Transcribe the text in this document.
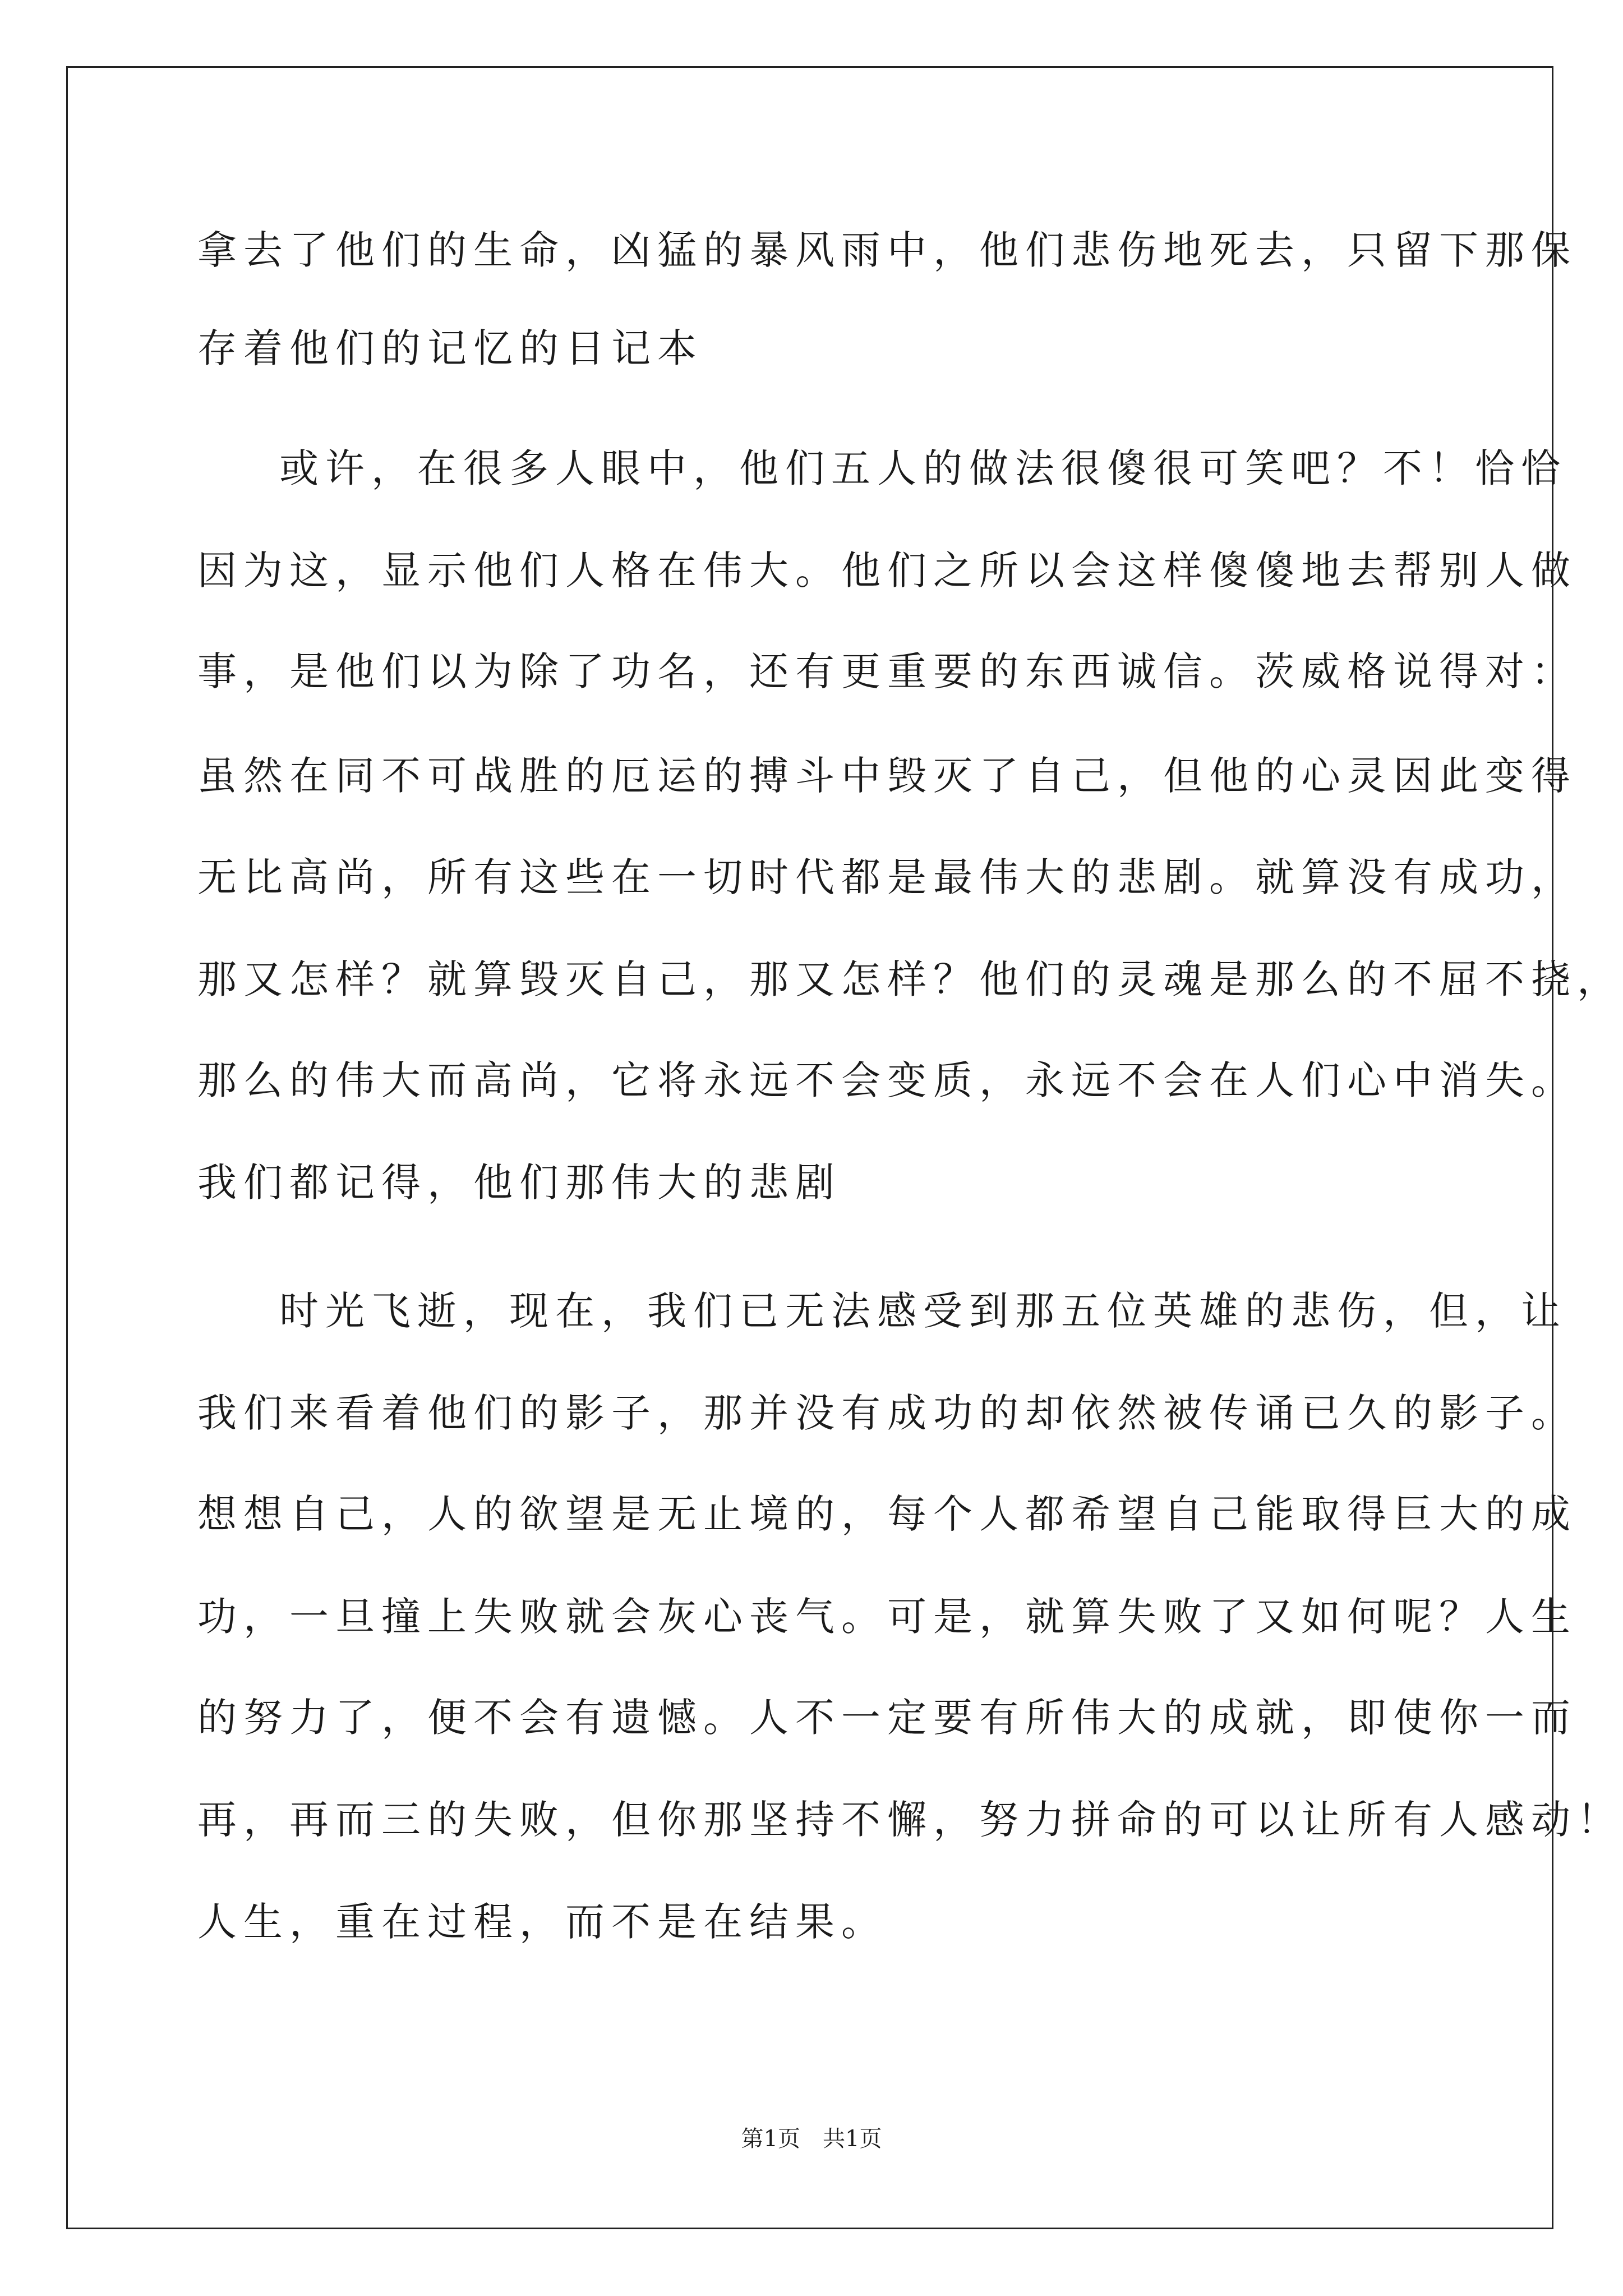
拿去了他们的生命，凶猛的暴风雨中，他们悲伤地死去，只留下那保
存着他们的记忆的日记本
或许，在很多人眼中，他们五人的做法很傻很可笑吧？不！恰恰
因为这，显示他们人格在伟大。他们之所以会这样傻傻地去帮别人做
事，是他们以为除了功名，还有更重要的东西诚信。茨威格说得对：
虽然在同不可战胜的厄运的搏斗中毁灭了自己，但他的心灵因此变得
无比高尚，所有这些在一切时代都是最伟大的悲剧。就算没有成功，
那又怎样？就算毁灭自己，那又怎样？他们的灵魂是那么的不屈不挠，
那么的伟大而高尚，它将永远不会变质，永远不会在人们心中消失。
我们都记得，他们那伟大的悲剧
时光飞逝，现在，我们已无法感受到那五位英雄的悲伤，但，让
我们来看着他们的影子，那并没有成功的却依然被传诵已久的影子。
想想自己，人的欲望是无止境的，每个人都希望自己能取得巨大的成
功，一旦撞上失败就会灰心丧气。可是，就算失败了又如何呢？人生
的努力了，便不会有遗憾。人不一定要有所伟大的成就，即使你一而
再，再而三的失败，但你那坚持不懈，努力拼命的可以让所有人感动！
人生，重在过程，而不是在结果。
第1页　共1页
